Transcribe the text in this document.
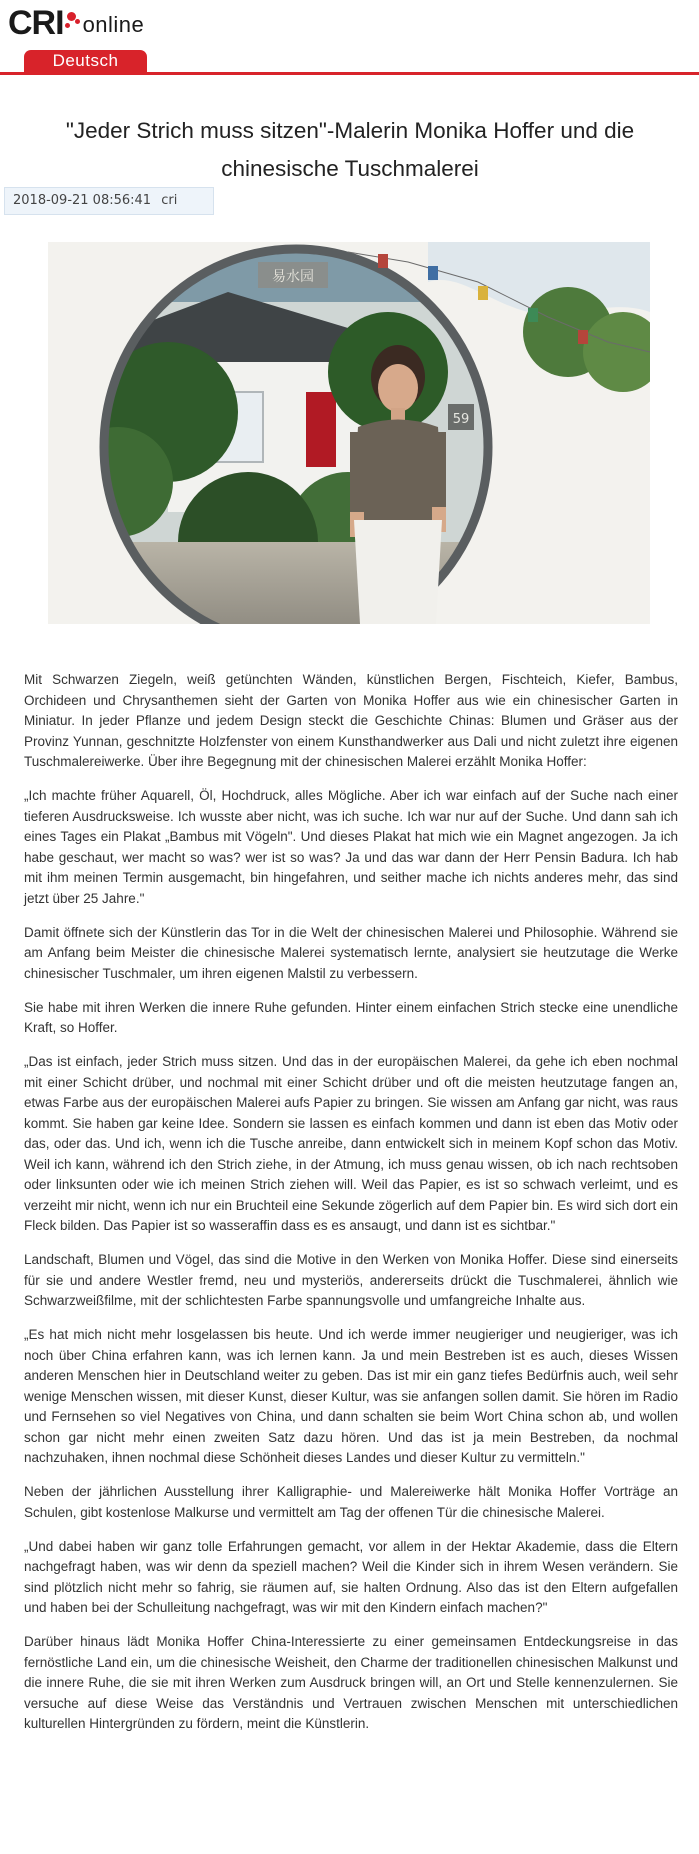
CRI online
Deutsch
"Jeder Strich muss sitzen"-Malerin Monika Hoffer und die chinesische Tuschmalerei
2018-09-21 08:56:41 cri
易水园
59

Mit Schwarzen Ziegeln, weiß getünchten Wänden, künstlichen Bergen, Fischteich, Kiefer, Bambus, Orchideen und Chrysanthemen sieht der Garten von Monika Hoffer aus wie ein chinesischer Garten in Miniatur. In jeder Pflanze und jedem Design steckt die Geschichte Chinas: Blumen und Gräser aus der Provinz Yunnan, geschnitzte Holzfenster von einem Kunsthandwerker aus Dali und nicht zuletzt ihre eigenen Tuschmalereiwerke. Über ihre Begegnung mit der chinesischen Malerei erzählt Monika Hoffer:

„Ich machte früher Aquarell, Öl, Hochdruck, alles Mögliche. Aber ich war einfach auf der Suche nach einer tieferen Ausdrucksweise. Ich wusste aber nicht, was ich suche. Ich war nur auf der Suche. Und dann sah ich eines Tages ein Plakat „Bambus mit Vögeln". Und dieses Plakat hat mich wie ein Magnet angezogen. Ja ich habe geschaut, wer macht so was? wer ist so was? Ja und das war dann der Herr Pensin Badura. Ich hab mit ihm meinen Termin ausgemacht, bin hingefahren, und seither mache ich nichts anderes mehr, das sind jetzt über 25 Jahre."

Damit öffnete sich der Künstlerin das Tor in die Welt der chinesischen Malerei und Philosophie. Während sie am Anfang beim Meister die chinesische Malerei systematisch lernte, analysiert sie heutzutage die Werke chinesischer Tuschmaler, um ihren eigenen Malstil zu verbessern.

Sie habe mit ihren Werken die innere Ruhe gefunden. Hinter einem einfachen Strich stecke eine unendliche Kraft, so Hoffer.

„Das ist einfach, jeder Strich muss sitzen. Und das in der europäischen Malerei, da gehe ich eben nochmal mit einer Schicht drüber, und nochmal mit einer Schicht drüber und oft die meisten heutzutage fangen an, etwas Farbe aus der europäischen Malerei aufs Papier zu bringen. Sie wissen am Anfang gar nicht, was raus kommt. Sie haben gar keine Idee. Sondern sie lassen es einfach kommen und dann ist eben das Motiv oder das, oder das. Und ich, wenn ich die Tusche anreibe, dann entwickelt sich in meinem Kopf schon das Motiv. Weil ich kann, während ich den Strich ziehe, in der Atmung, ich muss genau wissen, ob ich nach rechtsoben oder linksunten oder wie ich meinen Strich ziehen will. Weil das Papier, es ist so schwach verleimt, und es verzeiht mir nicht, wenn ich nur ein Bruchteil eine Sekunde zögerlich auf dem Papier bin. Es wird sich dort ein Fleck bilden. Das Papier ist so wasseraffin dass es es ansaugt, und dann ist es sichtbar."

Landschaft, Blumen und Vögel, das sind die Motive in den Werken von Monika Hoffer. Diese sind einerseits für sie und andere Westler fremd, neu und mysteriös, andererseits drückt die Tuschmalerei, ähnlich wie Schwarzweißfilme, mit der schlichtesten Farbe spannungsvolle und umfangreiche Inhalte aus.

„Es hat mich nicht mehr losgelassen bis heute. Und ich werde immer neugieriger und neugieriger, was ich noch über China erfahren kann, was ich lernen kann. Ja und mein Bestreben ist es auch, dieses Wissen anderen Menschen hier in Deutschland weiter zu geben. Das ist mir ein ganz tiefes Bedürfnis auch, weil sehr wenige Menschen wissen, mit dieser Kunst, dieser Kultur, was sie anfangen sollen damit. Sie hören im Radio und Fernsehen so viel Negatives von China, und dann schalten sie beim Wort China schon ab, und wollen schon gar nicht mehr einen zweiten Satz dazu hören. Und das ist ja mein Bestreben, da nochmal nachzuhaken, ihnen nochmal diese Schönheit dieses Landes und dieser Kultur zu vermitteln."

Neben der jährlichen Ausstellung ihrer Kalligraphie- und Malereiwerke hält Monika Hoffer Vorträge an Schulen, gibt kostenlose Malkurse und vermittelt am Tag der offenen Tür die chinesische Malerei.

„Und dabei haben wir ganz tolle Erfahrungen gemacht, vor allem in der Hektar Akademie, dass die Eltern nachgefragt haben, was wir denn da speziell machen? Weil die Kinder sich in ihrem Wesen verändern. Sie sind plötzlich nicht mehr so fahrig, sie räumen auf, sie halten Ordnung. Also das ist den Eltern aufgefallen und haben bei der Schulleitung nachgefragt, was wir mit den Kindern einfach machen?"

Darüber hinaus lädt Monika Hoffer China-Interessierte zu einer gemeinsamen Entdeckungsreise in das fernöstliche Land ein, um die chinesische Weisheit, den Charme der traditionellen chinesischen Malkunst und die innere Ruhe, die sie mit ihren Werken zum Ausdruck bringen will, an Ort und Stelle kennenzulernen. Sie versuche auf diese Weise das Verständnis und Vertrauen zwischen Menschen mit unterschiedlichen kulturellen Hintergründen zu fördern, meint die Künstlerin.
